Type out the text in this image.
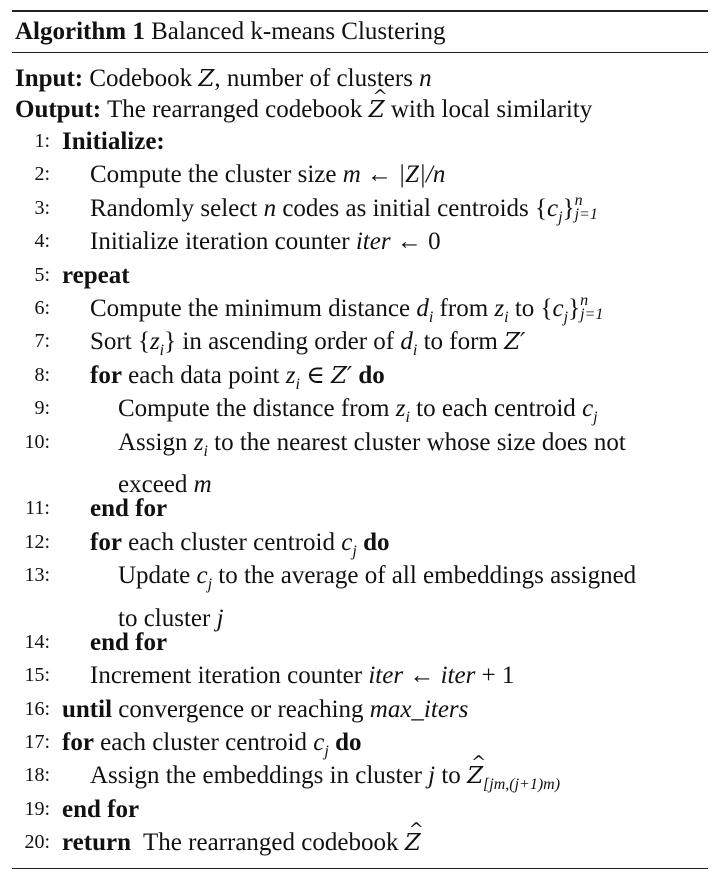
Algorithm 1 Balanced k-means Clustering
Input: Codebook Z, number of clusters n
Output: The rearranged codebook ^ Z with local similarity
1: Initialize:
2: Compute the cluster size m ← |Z|/n
3: Randomly select n codes as initial centroids $\{c_j\}$ n
j=1
4: Initialize iteration counter iter ← 0
5: repeat
6: Compute the minimum distance $d_i$ from $z_i$ to $\{c_j\}$ n
j=1
7: Sort $\{z_i\}$ in ascending order of $d_i$ to form Z′
8: for each data point $z_i$ ∈ Z′ do
9:	Compute the distance from $z_i$ to each centroid $c_j$
10:	Assign $z_i$ to the nearest cluster whose size does not
exceed m
11: end for
12: for each cluster centroid $c_j$ do
13:	Update $c_j$ to the average of all embeddings assigned
to cluster j
14: end for
15: Increment iteration counter iter ← iter + 1
16: until convergence or reaching max_iters
17: for each cluster centroid $c_j$ do
18: Assign the embeddings in cluster j to ^ $Z_{[jm,(j+1)m)}$
19: end for
20: return  The rearranged codebook ^ Z
